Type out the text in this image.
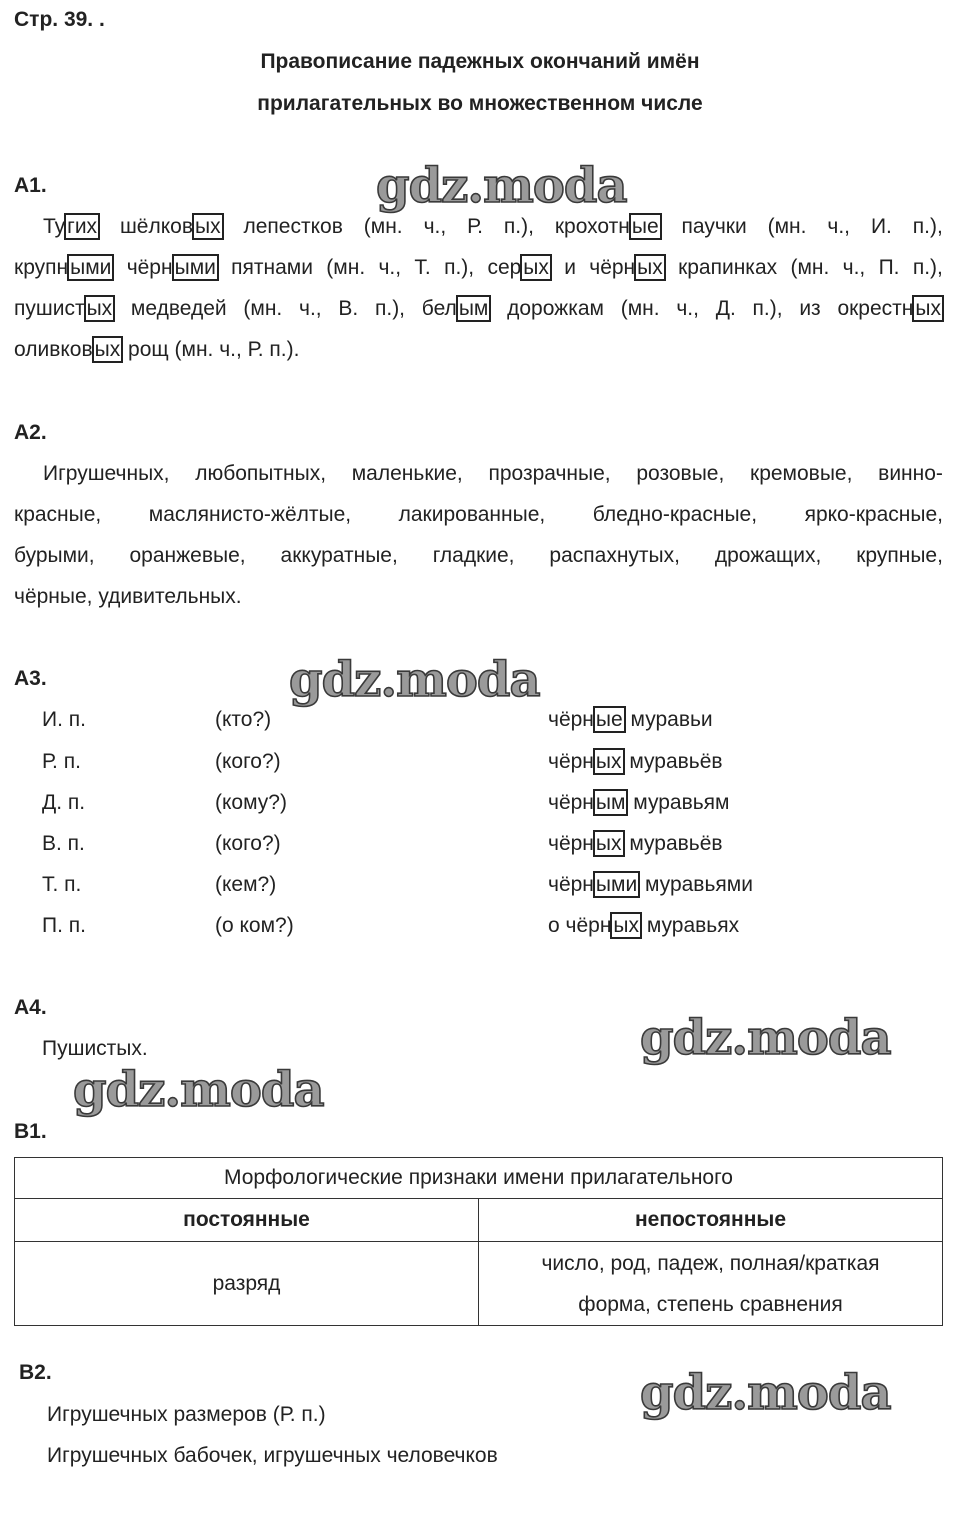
Стр. 39. .
Правописание падежных окончаний имён
прилагательных во множественном числе
gdz.moda
gdz.moda
gdz.moda
gdz.moda
gdz.moda
А1.
Тугих шёлковых лепестков (мн. ч., Р. п.), крохотные паучки (мн. ч., И. п.),
крупными чёрными пятнами (мн. ч., Т. п.), серых и чёрных крапинках (мн. ч., П. п.),
пушистых медведей (мн. ч., В. п.), белым дорожкам (мн. ч., Д. п.), из окрестных
оливковых рощ (мн. ч., Р. п.).
А2.
Игрушечных, любопытных, маленькие, прозрачные, розовые, кремовые, винно-
красные, маслянисто-жёлтые, лакированные, бледно-красные, ярко-красные,
бурыми, оранжевые, аккуратные, гладкие, распахнутых, дрожащих, крупные,
чёрные, удивительных.
А3.
И. п.	(кто?)	чёрные муравьи
Р. п.	(кого?)	чёрных муравьёв
Д. п.	(кому?)	чёрным муравьям
В. п.	(кого?)	чёрных муравьёв
Т. п.	(кем?)	чёрными муравьями
П. п.	(о ком?)	о чёрных муравьях
А4.
Пушистых.
В1.
Морфологические признаки имени прилагательного	
постоянные	непостоянные
разряд	число, род, падеж, полная/краткая
форма, степень сравнения
В2.
Игрушечных размеров (Р. п.)
Игрушечных бабочек, игрушечных человечков
